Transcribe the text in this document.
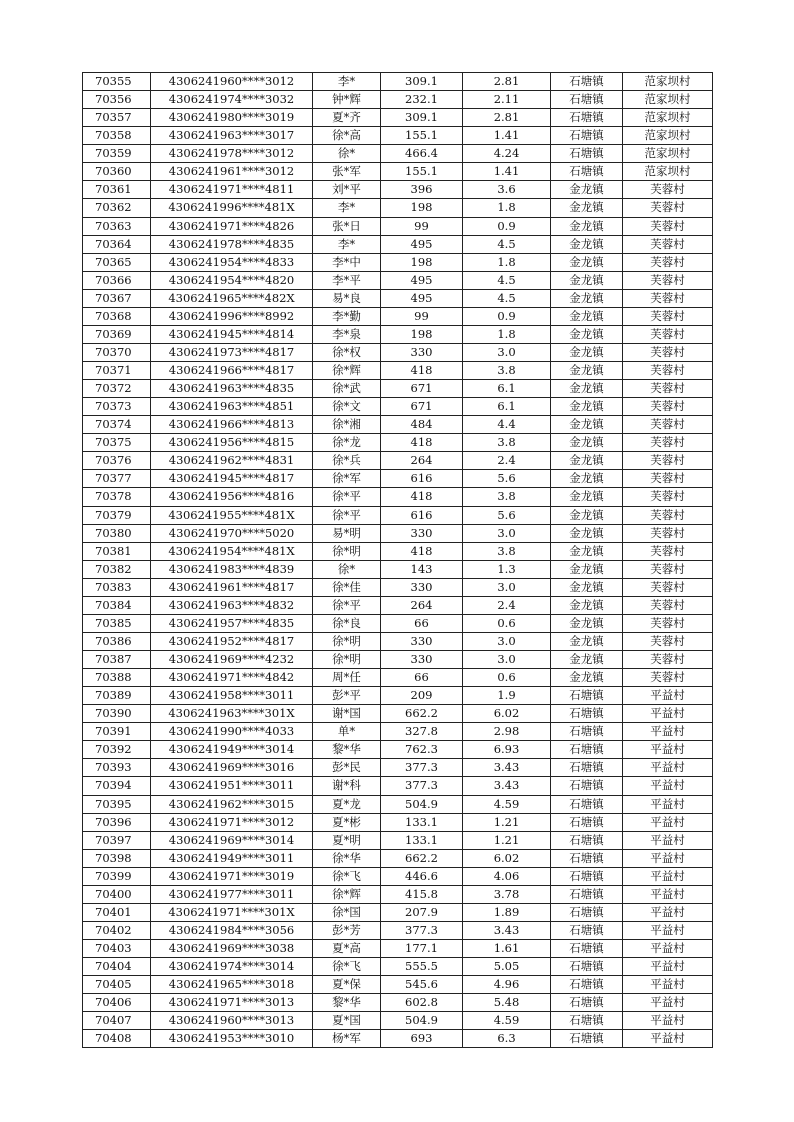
70355	4306241960****3012	李*	309.1	2.81	石塘镇	范家坝村
70356	4306241974****3032	钟*辉	232.1	2.11	石塘镇	范家坝村
70357	4306241980****3019	夏*齐	309.1	2.81	石塘镇	范家坝村
70358	4306241963****3017	徐*高	155.1	1.41	石塘镇	范家坝村
70359	4306241978****3012	徐*	466.4	4.24	石塘镇	范家坝村
70360	4306241961****3012	张*军	155.1	1.41	石塘镇	范家坝村
70361	4306241971****4811	刘*平	396	3.6	金龙镇	芙蓉村
70362	4306241996****481X	李*	198	1.8	金龙镇	芙蓉村
70363	4306241971****4826	张*日	99	0.9	金龙镇	芙蓉村
70364	4306241978****4835	李*	495	4.5	金龙镇	芙蓉村
70365	4306241954****4833	李*中	198	1.8	金龙镇	芙蓉村
70366	4306241954****4820	李*平	495	4.5	金龙镇	芙蓉村
70367	4306241965****482X	易*良	495	4.5	金龙镇	芙蓉村
70368	4306241996****8992	李*勤	99	0.9	金龙镇	芙蓉村
70369	4306241945****4814	李*泉	198	1.8	金龙镇	芙蓉村
70370	4306241973****4817	徐*权	330	3.0	金龙镇	芙蓉村
70371	4306241966****4817	徐*辉	418	3.8	金龙镇	芙蓉村
70372	4306241963****4835	徐*武	671	6.1	金龙镇	芙蓉村
70373	4306241963****4851	徐*文	671	6.1	金龙镇	芙蓉村
70374	4306241966****4813	徐*湘	484	4.4	金龙镇	芙蓉村
70375	4306241956****4815	徐*龙	418	3.8	金龙镇	芙蓉村
70376	4306241962****4831	徐*兵	264	2.4	金龙镇	芙蓉村
70377	4306241945****4817	徐*军	616	5.6	金龙镇	芙蓉村
70378	4306241956****4816	徐*平	418	3.8	金龙镇	芙蓉村
70379	4306241955****481X	徐*平	616	5.6	金龙镇	芙蓉村
70380	4306241970****5020	易*明	330	3.0	金龙镇	芙蓉村
70381	4306241954****481X	徐*明	418	3.8	金龙镇	芙蓉村
70382	4306241983****4839	徐*	143	1.3	金龙镇	芙蓉村
70383	4306241961****4817	徐*佳	330	3.0	金龙镇	芙蓉村
70384	4306241963****4832	徐*平	264	2.4	金龙镇	芙蓉村
70385	4306241957****4835	徐*良	66	0.6	金龙镇	芙蓉村
70386	4306241952****4817	徐*明	330	3.0	金龙镇	芙蓉村
70387	4306241969****4232	徐*明	330	3.0	金龙镇	芙蓉村
70388	4306241971****4842	周*任	66	0.6	金龙镇	芙蓉村
70389	4306241958****3011	彭*平	209	1.9	石塘镇	平益村
70390	4306241963****301X	谢*国	662.2	6.02	石塘镇	平益村
70391	4306241990****4033	单*	327.8	2.98	石塘镇	平益村
70392	4306241949****3014	黎*华	762.3	6.93	石塘镇	平益村
70393	4306241969****3016	彭*民	377.3	3.43	石塘镇	平益村
70394	4306241951****3011	谢*科	377.3	3.43	石塘镇	平益村
70395	4306241962****3015	夏*龙	504.9	4.59	石塘镇	平益村
70396	4306241971****3012	夏*彬	133.1	1.21	石塘镇	平益村
70397	4306241969****3014	夏*明	133.1	1.21	石塘镇	平益村
70398	4306241949****3011	徐*华	662.2	6.02	石塘镇	平益村
70399	4306241971****3019	徐*飞	446.6	4.06	石塘镇	平益村
70400	4306241977****3011	徐*辉	415.8	3.78	石塘镇	平益村
70401	4306241971****301X	徐*国	207.9	1.89	石塘镇	平益村
70402	4306241984****3056	彭*芳	377.3	3.43	石塘镇	平益村
70403	4306241969****3038	夏*高	177.1	1.61	石塘镇	平益村
70404	4306241974****3014	徐*飞	555.5	5.05	石塘镇	平益村
70405	4306241965****3018	夏*保	545.6	4.96	石塘镇	平益村
70406	4306241971****3013	黎*华	602.8	5.48	石塘镇	平益村
70407	4306241960****3013	夏*国	504.9	4.59	石塘镇	平益村
70408	4306241953****3010	杨*军	693	6.3	石塘镇	平益村
